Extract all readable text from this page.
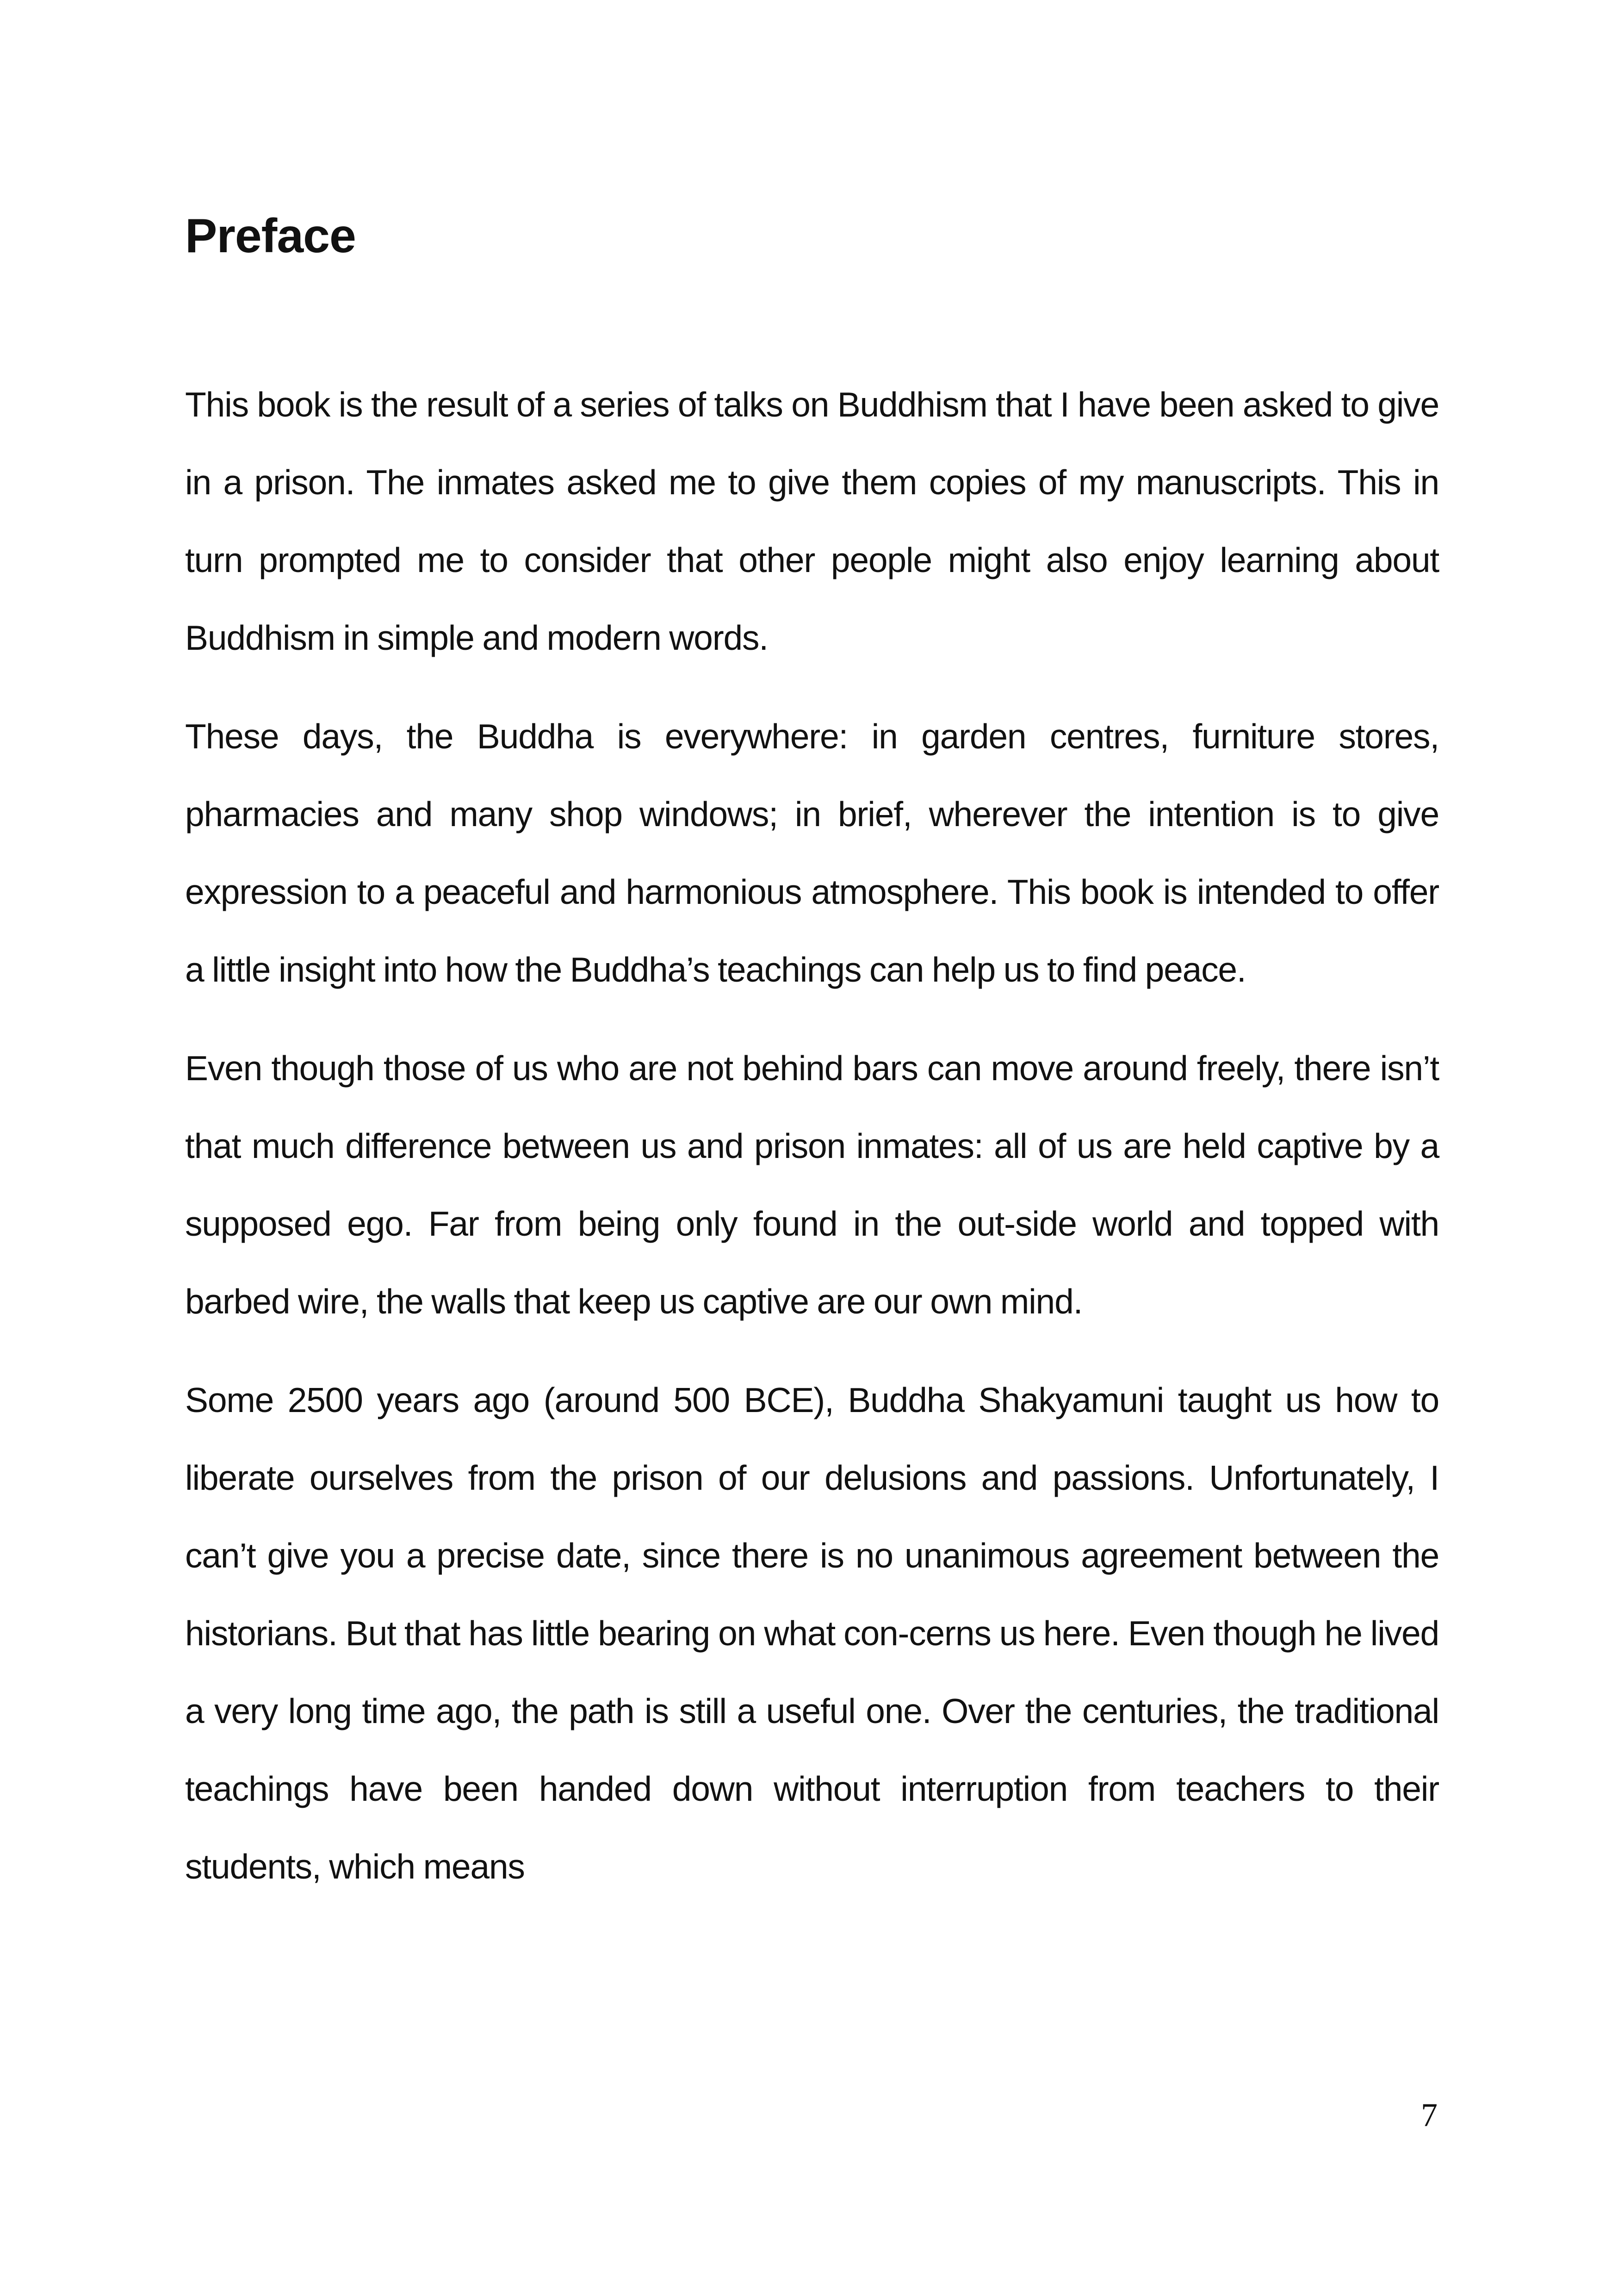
Preface

This book is the result of a series of talks on Buddhism that I have been asked to give in a prison. The inmates asked me to give them copies of my manuscripts. This in turn prompted me to consider that other people might also enjoy learning about Buddhism in simple and modern words.

These days, the Buddha is everywhere: in garden centres, furniture stores, pharmacies and many shop windows; in brief, wherever the intention is to give expression to a peaceful and harmonious atmosphere. This book is intended to offer a little insight into how the Buddha’s teachings can help us to find peace.

Even though those of us who are not behind bars can move around freely, there isn’t that much difference between us and prison inmates: all of us are held captive by a supposed ego. Far from being only found in the out-side world and topped with barbed wire, the walls that keep us captive are our own mind.

Some 2500 years ago (around 500 BCE), Buddha Shakyamuni taught us how to liberate ourselves from the prison of our delusions and passions. Unfortunately, I can’t give you a precise date, since there is no unanimous agreement between the historians. But that has little bearing on what con-cerns us here. Even though he lived a very long time ago, the path is still a useful one. Over the centuries, the traditional teachings have been handed down without interruption from teachers to their students, which means

7
